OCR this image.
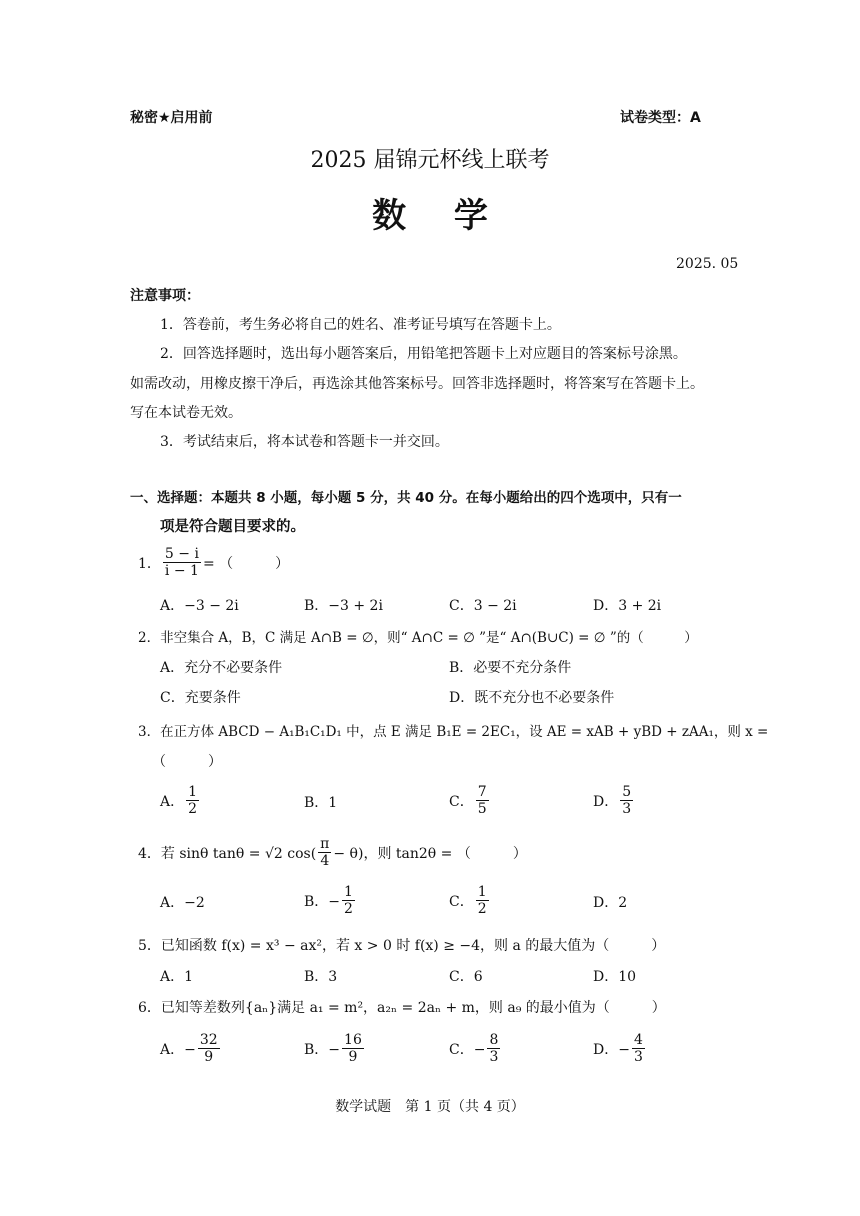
秘密★启用前	试卷类型：A
2025 届锦元杯线上联考
数 学
2025. 05
注意事项：
1．答卷前，考生务必将自己的姓名、准考证号填写在答题卡上。
2．回答选择题时，选出每小题答案后，用铅笔把答题卡上对应题目的答案标号涂黑。
如需改动，用橡皮擦干净后，再选涂其他答案标号。回答非选择题时，将答案写在答题卡上。
写在本试卷无效。
3．考试结束后，将本试卷和答题卡一并交回。
一、选择题：本题共 8 小题，每小题 5 分，共 40 分。在每小题给出的四个选项中，只有一
项是符合题目要求的。
1． $\frac{5 - i}{i - 1}$ = （　　　）
A．−3 − 2i	B．−3 + 2i	C．3 − 2i	D．3 + 2i
2．非空集合 A，B，C 满足 A∩B = ∅，则“ A∩C = ∅ ”是“ A∩(B∪C) = ∅ ”的（　　　）
A．充分不必要条件	B．必要不充分条件
C．充要条件	D．既不充分也不必要条件
3．在正方体 ABCD − A₁B₁C₁D₁ 中，点 E 满足 B₁E = 2EC₁，设 AE = xAB + yBD + zAA₁，则 x =
（　　　）
A． $\frac{1}{2}$	B．1	C． $\frac{7}{5}$	D． $\frac{5}{3}$
4．若 sinθ tanθ = √2 $\cos( \frac{\pi}{4} - \theta)$，则 tan2θ = （　　　）
A．−2	B．− $\frac{1}{2}$	C． $\frac{1}{2}$	D．2
5．已知函数 f(x) = x³ − ax²，若 x > 0 时 f(x) ≥ −4，则 a 的最大值为（　　　）
A．1	B．3	C．6	D．10
6．已知等差数列{aₙ}满足 a₁ = m²，a₂ₙ = 2aₙ + m，则 a₉ 的最小值为（　　　）
A．− $\frac{32}{9}$	B．− $\frac{16}{9}$	C．− $\frac{8}{3}$	D．− $\frac{4}{3}$
数学试题　第 1 页（共 4 页）
